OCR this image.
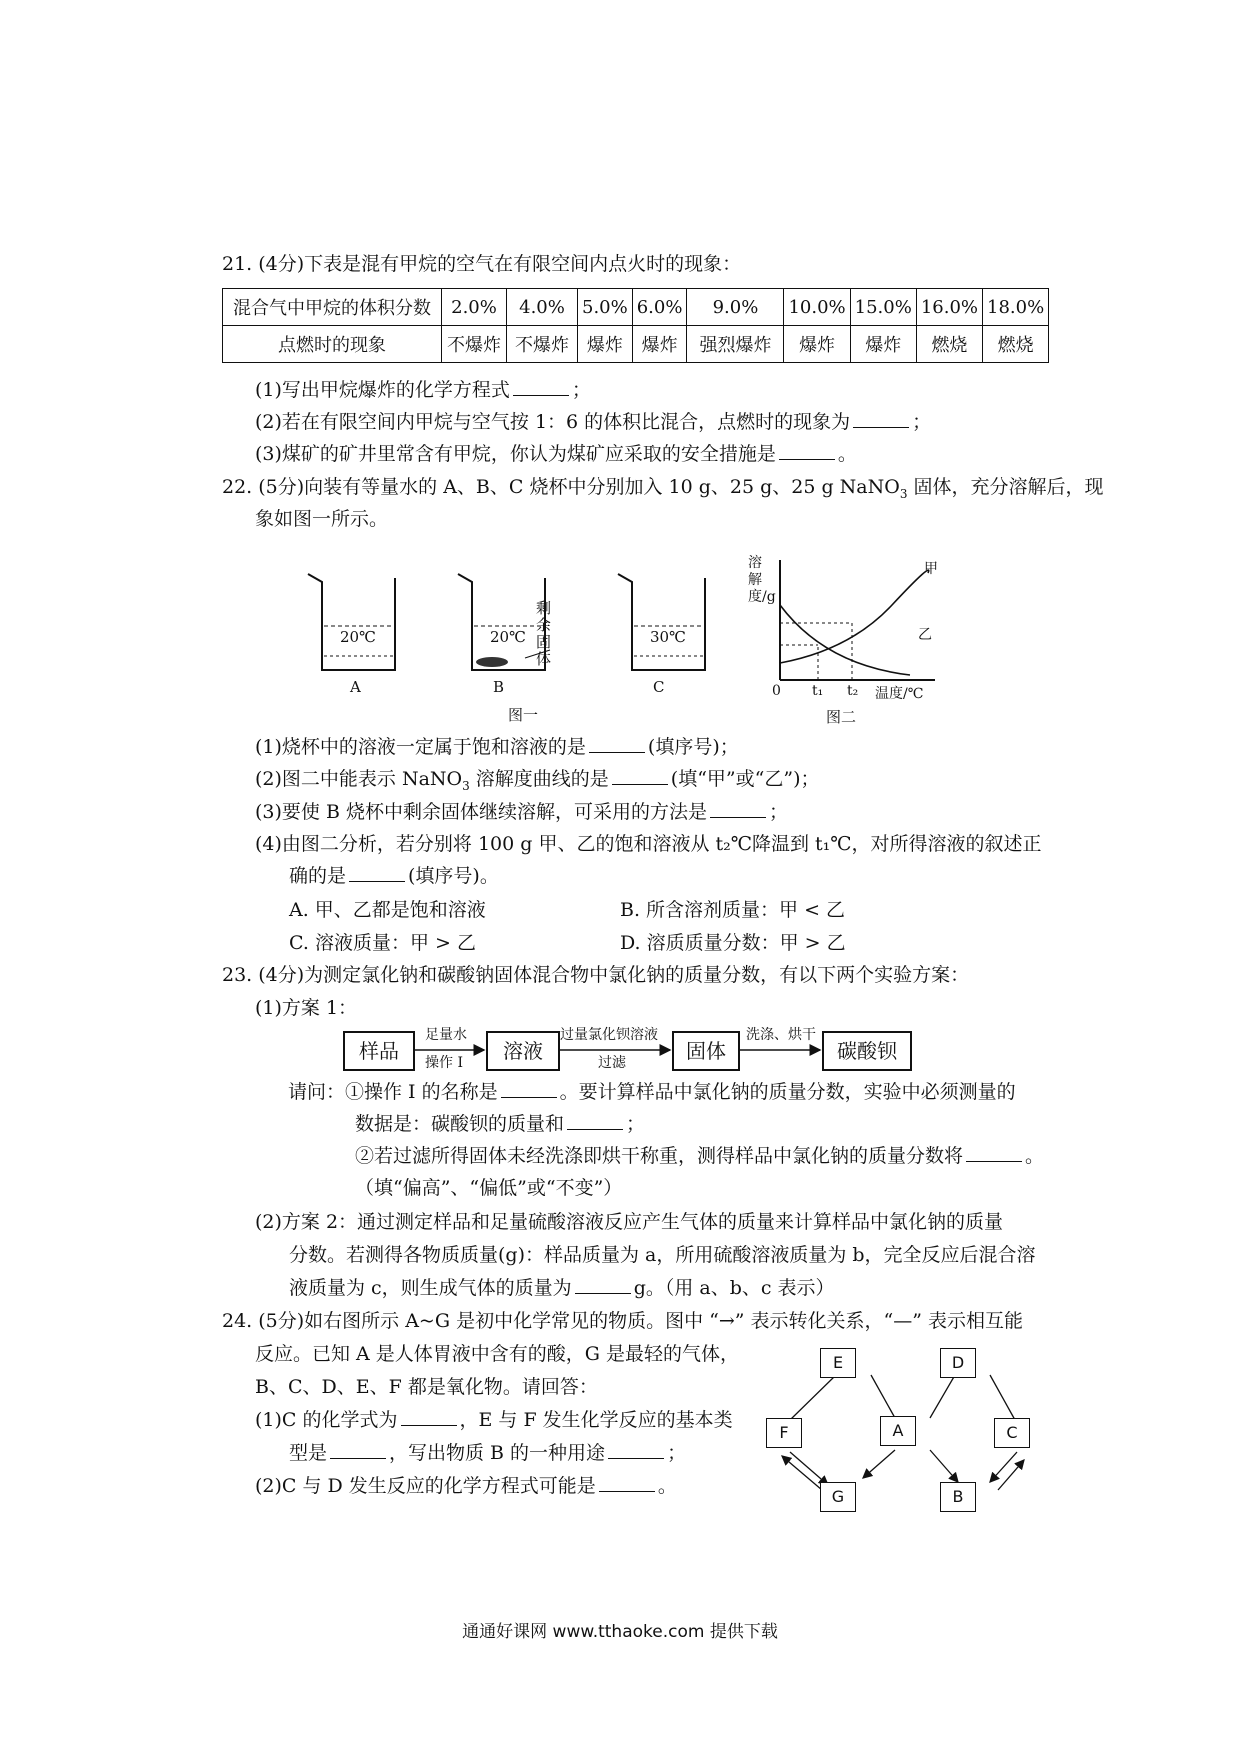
21. (4分)下表是混有甲烷的空气在有限空间内点火时的现象：
混合气中甲烷的体积分数	2.0%	4.0%	5.0%	6.0%	9.0%	10.0%	15.0%	16.0%	18.0%
点燃时的现象	不爆炸	不爆炸	爆炸	爆炸	强烈爆炸	爆炸	爆炸	燃烧	燃烧
(1)写出甲烷爆炸的化学方程式	；
(2)若在有限空间内甲烷与空气按 1：6 的体积比混合，点燃时的现象为	；
(3)煤矿的矿井里常含有甲烷，你认为煤矿应采取的安全措施是	。
22. (5分)向装有等量水的 A、B、C 烧杯中分别加入 10 g、25 g、25 g NaNO$_3$ 固体，充分溶解后，现
象如图一所示。
20℃	20℃	30℃
A	B	C
剩余固体
图一
溶解度/g
甲
乙
0 t₁ t₂ 温度/℃
图二
(1)烧杯中的溶液一定属于饱和溶液的是	(填序号)；
(2)图二中能表示 NaNO$_3$ 溶解度曲线的是	(填“甲”或“乙”)；
(3)要使 B 烧杯中剩余固体继续溶解，可采用的方法是	；
(4)由图二分析，若分别将 100 g 甲、乙的饱和溶液从 t₂℃降温到 t₁℃，对所得溶液的叙述正
确的是	(填序号)。
A. 甲、乙都是饱和溶液	B. 所含溶剂质量：甲 < 乙
C. 溶液质量：甲 > 乙	D. 溶质质量分数：甲 > 乙
23. (4分)为测定氯化钠和碳酸钠固体混合物中氯化钠的质量分数，有以下两个实验方案：
(1)方案 1：
样品	溶液	固体	碳酸钡
足量水
操作 I
过量氯化钡溶液
过滤
洗涤、烘干
请问：①操作 I 的名称是	。要计算样品中氯化钠的质量分数，实验中必须测量的
数据是：碳酸钡的质量和	；
②若过滤所得固体未经洗涤即烘干称重，测得样品中氯化钠的质量分数将	。
（填“偏高”、“偏低”或“不变”）
(2)方案 2：通过测定样品和足量硫酸溶液反应产生气体的质量来计算样品中氯化钠的质量
分数。若测得各物质质量(g)：样品质量为 a，所用硫酸溶液质量为 b，完全反应后混合溶
液质量为 c，则生成气体的质量为	g。（用 a、b、c 表示）
24. (5分)如右图所示 A~G 是初中化学常见的物质。图中 “→” 表示转化关系，“—” 表示相互能
反应。已知 A 是人体胃液中含有的酸，G 是最轻的气体，
B、C、D、E、F 都是氧化物。请回答：
(1)C 的化学式为	，E 与 F 发生化学反应的基本类
型是	，写出物质 B 的一种用途	；
(2)C 与 D 发生反应的化学方程式可能是	。
E	D
F	A	C
G	B
通通好课网 www.tthaoke.com 提供下载
